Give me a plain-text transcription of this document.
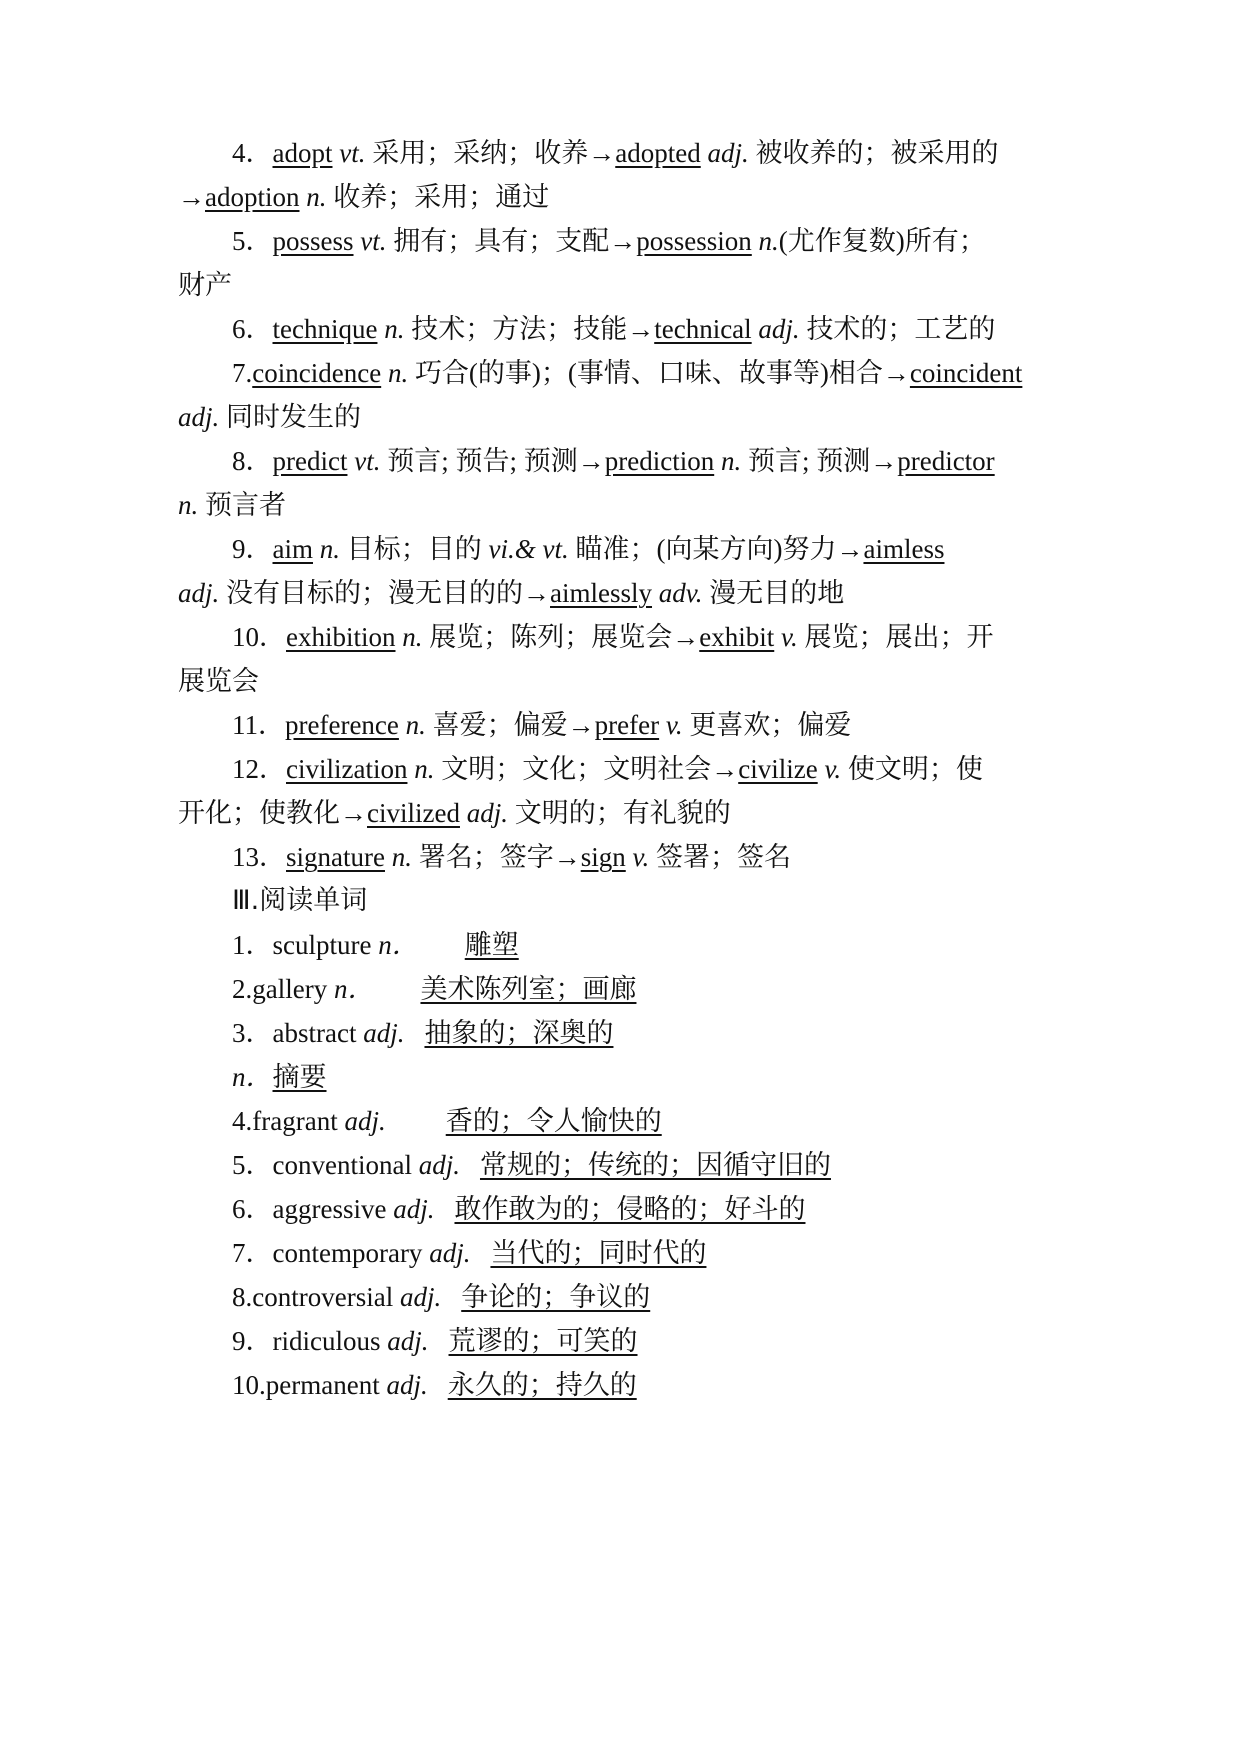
4．adopt vt. 采用；采纳；收养→adopted adj. 被收养的；被采用的
→adoption n. 收养；采用；通过
5．possess vt. 拥有；具有；支配→possession n.(尤作复数)所有；
财产
6．technique n. 技术；方法；技能→technical adj. 技术的；工艺的
7.coincidence n. 巧合(的事)；(事情、口味、故事等)相合→coincident
adj. 同时发生的
8．predict vt. 预言; 预告; 预测→prediction n. 预言; 预测→predictor
n. 预言者
9．aim n. 目标；目的 vi.& vt. 瞄准；(向某方向)努力→aimless
adj. 没有目标的；漫无目的的→aimlessly adv. 漫无目的地
10．exhibition n. 展览；陈列；展览会→exhibit v. 展览；展出；开
展览会
11．preference n. 喜爱；偏爱→prefer v. 更喜欢；偏爱
12．civilization n. 文明；文化；文明社会→civilize v. 使文明；使
开化；使教化→civilized adj. 文明的；有礼貌的
13．signature n. 署名；签字→sign v. 签署；签名
Ⅲ.阅读单词
1．sculpture n． 雕塑
2.gallery n． 美术陈列室；画廊
3．abstract adj. 抽象的；深奥的
n．摘要
4.fragrant adj. 香的；令人愉快的
5．conventional adj. 常规的；传统的；因循守旧的
6．aggressive adj. 敢作敢为的；侵略的；好斗的
7．contemporary adj. 当代的；同时代的
8.controversial adj. 争论的；争议的
9．ridiculous adj. 荒谬的；可笑的
10.permanent adj. 永久的；持久的
